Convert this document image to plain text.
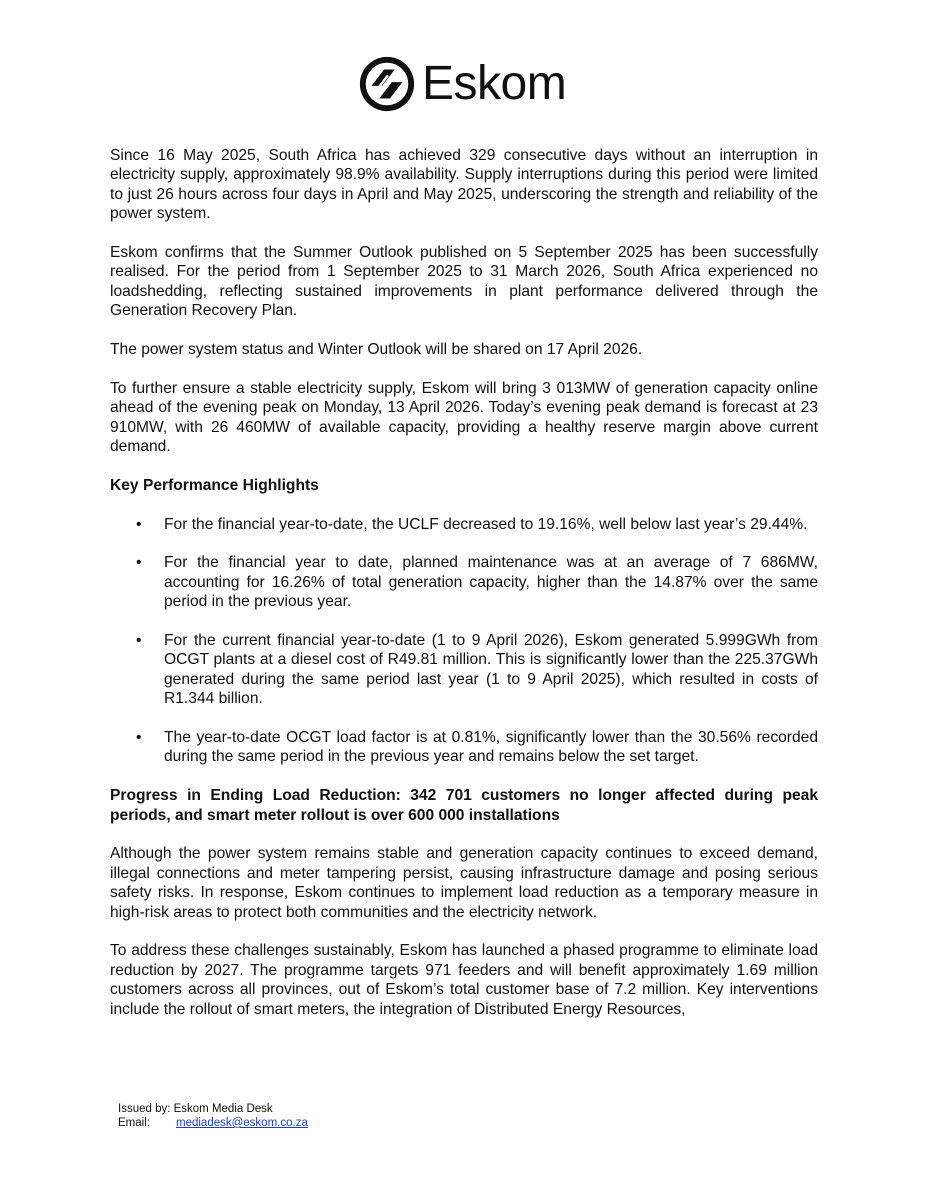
Eskom

Since 16 May 2025, South Africa has achieved 329 consecutive days without an interruption in electricity supply, approximately 98.9% availability. Supply interruptions during this period were limited to just 26 hours across four days in April and May 2025, underscoring the strength and reliability of the power system.

Eskom confirms that the Summer Outlook published on 5 September 2025 has been successfully realised. For the period from 1 September 2025 to 31 March 2026, South Africa experienced no loadshedding, reflecting sustained improvements in plant performance delivered through the Generation Recovery Plan.

The power system status and Winter Outlook will be shared on 17 April 2026.

To further ensure a stable electricity supply, Eskom will bring 3 013MW of generation capacity online ahead of the evening peak on Monday, 13 April 2026. Today’s evening peak demand is forecast at 23 910MW, with 26 460MW of available capacity, providing a healthy reserve margin above current demand.

Key Performance Highlights
• For the financial year-to-date, the UCLF decreased to 19.16%, well below last year’s 29.44%.
• For the financial year to date, planned maintenance was at an average of 7 686MW, accounting for 16.26% of total generation capacity, higher than the 14.87% over the same period in the previous year.
• For the current financial year-to-date (1 to 9 April 2026), Eskom generated 5.999GWh from OCGT plants at a diesel cost of R49.81 million. This is significantly lower than the 225.37GWh generated during the same period last year (1 to 9 April 2025), which resulted in costs of R1.344 billion.
• The year-to-date OCGT load factor is at 0.81%, significantly lower than the 30.56% recorded during the same period in the previous year and remains below the set target.
Progress in Ending Load Reduction: 342 701 customers no longer affected during peak periods, and smart meter rollout is over 600 000 installations

Although the power system remains stable and generation capacity continues to exceed demand, illegal connections and meter tampering persist, causing infrastructure damage and posing serious safety risks. In response, Eskom continues to implement load reduction as a temporary measure in high-risk areas to protect both communities and the electricity network.

To address these challenges sustainably, Eskom has launched a phased programme to eliminate load reduction by 2027. The programme targets 971 feeders and will benefit approximately 1.69 million customers across all provinces, out of Eskom’s total customer base of 7.2 million. Key interventions include the rollout of smart meters, the integration of Distributed Energy Resources,

Issued by: Eskom Media Desk
Email:	mediadesk@eskom.co.za
